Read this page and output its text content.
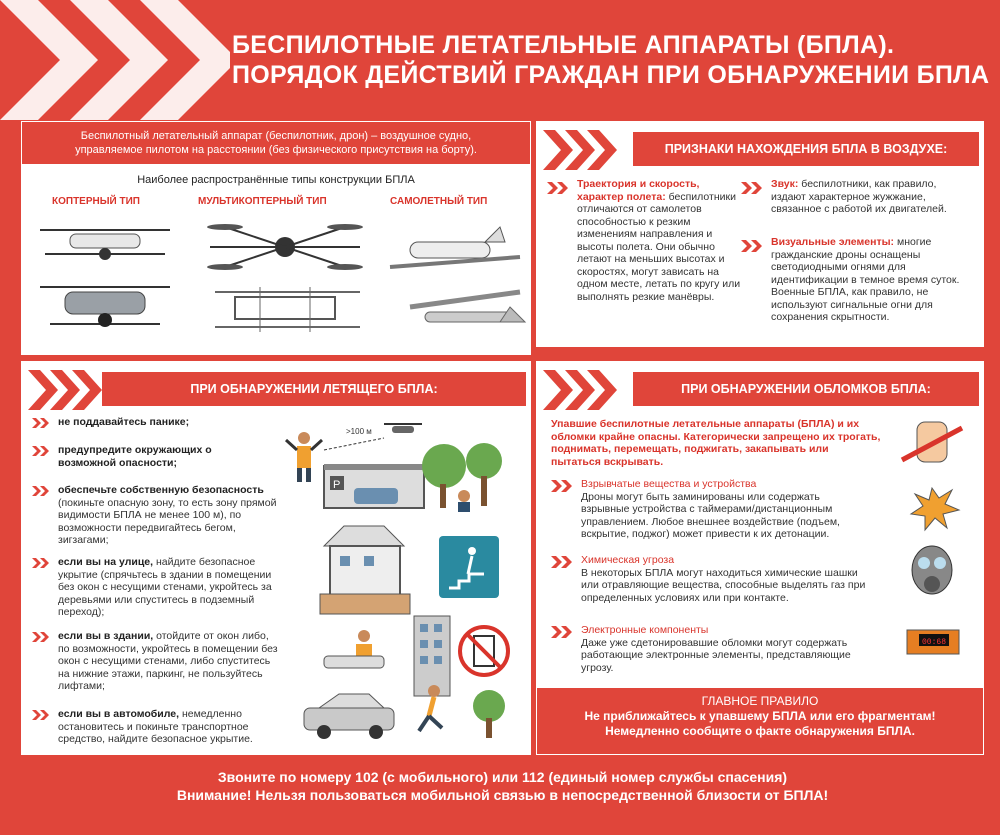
БЕСПИЛОТНЫЕ ЛЕТАТЕЛЬНЫЕ АППАРАТЫ (БПЛА).
ПОРЯДОК ДЕЙСТВИЙ ГРАЖДАН ПРИ ОБНАРУЖЕНИИ БПЛА
Беспилотный летательный аппарат (беспилотник, дрон) – воздушное судно,
управляемое пилотом на расстоянии (без физического присутствия на борту).
Наиболее распространённые типы конструкции БПЛА
КОПТЕРНЫЙ ТИП	МУЛЬТИКОПТЕРНЫЙ ТИП	САМОЛЕТНЫЙ ТИП
ПРИЗНАКИ НАХОЖДЕНИЯ БПЛА В ВОЗДУХЕ:
Траектория и скорость, характер полета: беспилотники отличаются от самолетов способностью к резким изменениям направления и высоты полета. Они обычно летают на меньших высотах и скоростях, могут зависать на одном месте, летать по кругу или выполнять резкие манёвры.
Звук: беспилотники, как правило, издают характерное жужжание, связанное с работой их двигателей.
Визуальные элементы: многие гражданские дроны оснащены светодиодными огнями для идентификации в темное время суток. Военные БПЛА, как правило, не используют сигнальные огни для сохранения скрытности.
ПРИ ОБНАРУЖЕНИИ ЛЕТЯЩЕГО БПЛА:
не поддавайтесь панике;
предупредите окружающих о возможной опасности;
обеспечьте собственную безопасность (покиньте опасную зону, то есть зону прямой видимости БПЛА не менее 100 м), по возможности передвигайтесь бегом, зигзагами;
если вы на улице, найдите безопасное укрытие (спрячьтесь в здании в помещении без окон с несущими стенами, укройтесь за деревьями или спуститесь в подземный переход);
если вы в здании, отойдите от окон либо, по возможности, укройтесь в помещении без окон с несущими стенами, либо спуститесь на нижние этажи, паркинг, не пользуйтесь лифтами;
если вы в автомобиле, немедленно остановитесь и покиньте транспортное средство, найдите безопасное укрытие.
>100 м
P
ПРИ ОБНАРУЖЕНИИ ОБЛОМКОВ БПЛА:
Упавшие беспилотные летательные аппараты (БПЛА) и их обломки крайне опасны. Категорически запрещено их трогать, поднимать, перемещать, поджигать, закапывать или пытаться вскрывать.
Взрывчатые вещества и устройства
Дроны могут быть заминированы или содержать взрывные устройства с таймерами/дистанционным управлением. Любое внешнее воздействие (подъем, вскрытие, поджог) может привести к их детонации.
Химическая угроза
В некоторых БПЛА могут находиться химические шашки или отравляющие вещества, способные выделять газ при определенных условиях или при контакте.
Электронные компоненты
Даже уже сдетонировавшие обломки могут содержать работающие электронные элементы, представляющие угрозу.
00:68
ГЛАВНОЕ ПРАВИЛО
Не приближайтесь к упавшему БПЛА или его фрагментам!
Немедленно сообщите о факте обнаружения БПЛА.
Звоните по номеру 102 (с мобильного) или 112 (единый номер службы спасения)
Внимание! Нельзя пользоваться мобильной связью в непосредственной близости от БПЛА!
